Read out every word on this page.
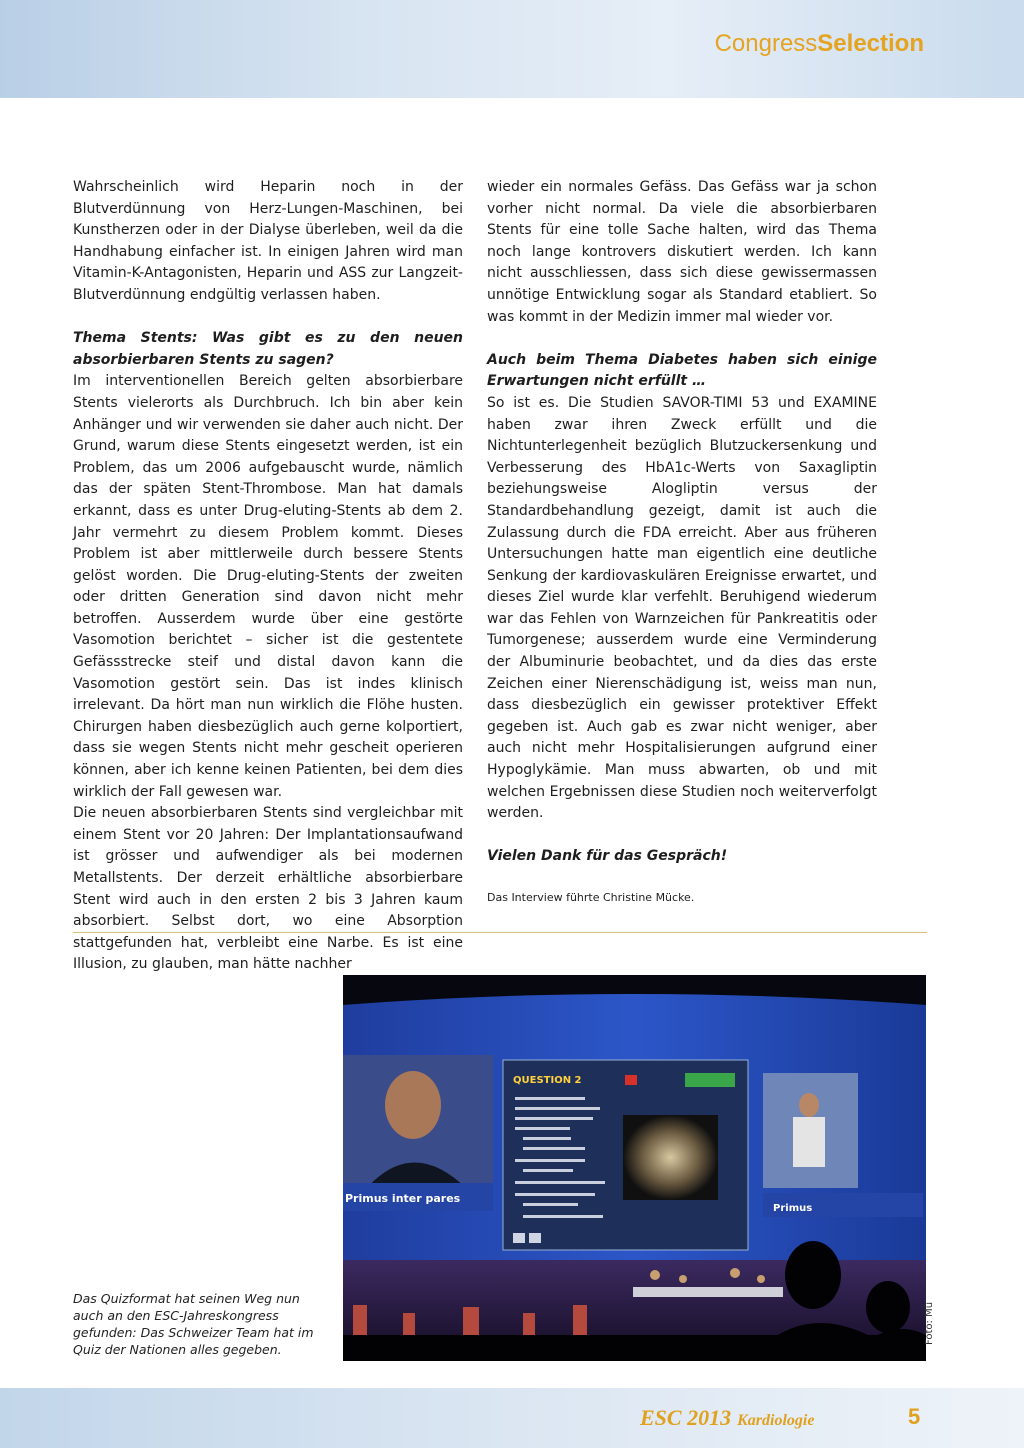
CongressSelection

Wahrscheinlich wird Heparin noch in der Blutverdünnung von Herz-Lungen-Maschinen, bei Kunstherzen oder in der Dialyse überleben, weil da die Handhabung einfacher ist. In einigen Jahren wird man Vitamin-K-Antagonisten, Heparin und ASS zur Langzeit-Blutverdünnung endgültig verlassen haben.

Thema Stents: Was gibt es zu den neuen absorbierbaren Stents zu sagen?

Im interventionellen Bereich gelten absorbierbare Stents vielerorts als Durchbruch. Ich bin aber kein Anhänger und wir verwenden sie daher auch nicht. Der Grund, warum diese Stents eingesetzt werden, ist ein Problem, das um 2006 aufgebauscht wurde, nämlich das der späten Stent-Thrombose. Man hat damals erkannt, dass es unter Drug-eluting-Stents ab dem 2. Jahr vermehrt zu diesem Problem kommt. Dieses Problem ist aber mittlerweile durch bessere Stents gelöst worden. Die Drug-eluting-Stents der zweiten oder dritten Generation sind davon nicht mehr betroffen. Ausserdem wurde über eine gestörte Vasomotion berichtet – sicher ist die gestentete Gefässstrecke steif und distal davon kann die Vasomotion gestört sein. Das ist indes klinisch irrelevant. Da hört man nun wirklich die Flöhe husten. Chirurgen haben diesbezüglich auch gerne kolportiert, dass sie wegen Stents nicht mehr gescheit operieren können, aber ich kenne keinen Patienten, bei dem dies wirklich der Fall gewesen war.

Die neuen absorbierbaren Stents sind vergleichbar mit einem Stent vor 20 Jahren: Der Implantationsaufwand ist grösser und aufwendiger als bei modernen Metallstents. Der derzeit erhältliche absorbierbare Stent wird auch in den ersten 2 bis 3 Jahren kaum absorbiert. Selbst dort, wo eine Absorption stattgefunden hat, verbleibt eine Narbe. Es ist eine Illusion, zu glauben, man hätte nachher

wieder ein normales Gefäss. Das Gefäss war ja schon vorher nicht normal. Da viele die absorbierbaren Stents für eine tolle Sache halten, wird das Thema noch lange kontrovers diskutiert werden. Ich kann nicht ausschliessen, dass sich diese gewissermassen unnötige Entwicklung sogar als Standard etabliert. So was kommt in der Medizin immer mal wieder vor.

Auch beim Thema Diabetes haben sich einige Erwartungen nicht erfüllt …

So ist es. Die Studien SAVOR-TIMI 53 und EXAMINE haben zwar ihren Zweck erfüllt und die Nichtunterlegenheit bezüglich Blutzuckersenkung und Verbesserung des HbA1c-Werts von Saxagliptin beziehungsweise Alogliptin versus der Standardbehandlung gezeigt, damit ist auch die Zulassung durch die FDA erreicht. Aber aus früheren Untersuchungen hatte man eigentlich eine deutliche Senkung der kardiovaskulären Ereignisse erwartet, und dieses Ziel wurde klar verfehlt. Beruhigend wiederum war das Fehlen von Warnzeichen für Pankreatitis oder Tumorgenese; ausserdem wurde eine Verminderung der Albuminurie beobachtet, und da dies das erste Zeichen einer Nierenschädigung ist, weiss man nun, dass diesbezüglich ein gewisser protektiver Effekt gegeben ist. Auch gab es zwar nicht weniger, aber auch nicht mehr Hospitalisierungen aufgrund einer Hypoglykämie. Man muss abwarten, ob und mit welchen Ergebnissen diese Studien noch weiterverfolgt werden.

Vielen Dank für das Gespräch!

Das Interview führte Christine Mücke.

Primus inter pares
QUESTION 2
Primus
Das Quizformat hat seinen Weg nun auch an den ESC-Jahreskongress gefunden: Das Schweizer Team hat im Quiz der Nationen alles gegeben.
Foto: Mü
ESC 2013 Kardiologie	5
